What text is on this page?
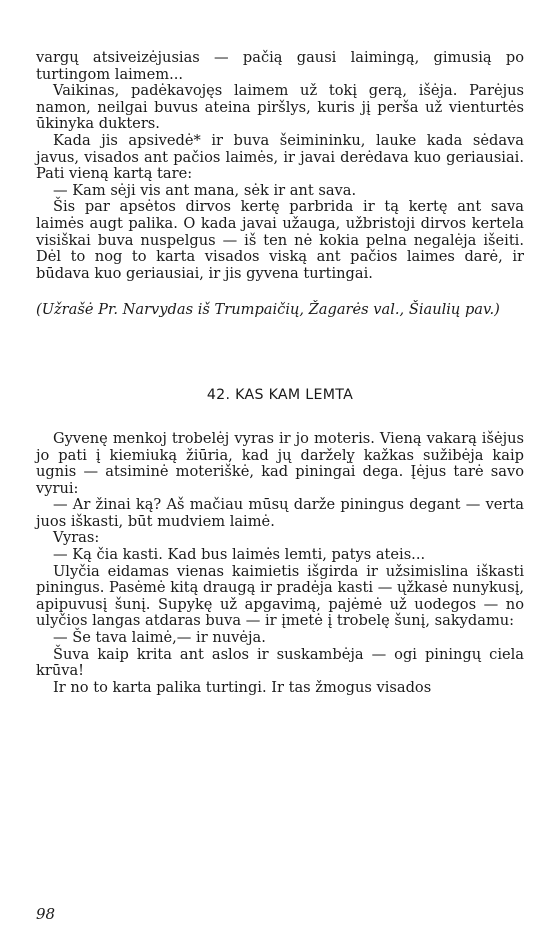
vargų atsiveizėjusias — pačią gausi laimingą, gimusią po turtingom laimem...

Vaikinas, padėkavojęs laimem už tokį gerą, išėja. Parėjus namon, neilgai buvus ateina piršlys, kuris jį perša už vienturtės ūkinyka dukters.

Kada jis apsivedė* ir buva šeimininku, lauke kada sėdava javus, visados ant pačios laimės, ir javai derėdava kuo geriausiai. Pati vieną kartą tare:

— Kam sėji vis ant mana, sėk ir ant sava.

Šis par apsėtos dirvos kertę parbrida ir tą kertę ant sava laimės augt palika. O kada javai užauga, užbristoji dirvos kertela visiškai buva nuspelgus — iš ten nė kokia pelna negalėja išeiti. Dėl to nog to karta visados viską ant pačios laimes darė, ir būdava kuo geriausiai, ir jis gyvena turtingai.

(Užrašė Pr. Narvydas iš Trumpaičių, Žagarės val., Šiaulių pav.)

42. KAS KAM LEMTA

Gyvenę menkoj trobelėj vyras ir jo moteris. Vieną vakarą išėjus jo pati į kiemiuką žiūria, kad jų daržely̨ kažkas sužibėja kaip ugnis — atsiminė moteriškė, kad piningai dega. Įėjus tarė savo vyrui:

— Ar žinai ką? Aš mačiau mūsų darže piningus degant — verta juos iškasti, būt mudviem laimė.

Vyras:

— Ką čia kasti. Kad bus laimės lemti, patys ateis...

Ulyčia eidamas vienas kaimietis išgirda ir užsimislina iškasti piningus. Pasėmė kitą draugą ir pradėja kasti — ųžkasė nunykusį, apipuvusį šunį. Supykę už apgavimą, pajėmė už uodegos — no ulyčios langas atdaras buva — ir įmetė į trobelę šunį, sakydamu:

— Še tava laimė,— ir nuvėja.

Šuva kaip krita ant aslos ir suskambėja — ogi piningų ciela krūva!

Ir no to karta palika turtingi. Ir tas žmogus visados

98
